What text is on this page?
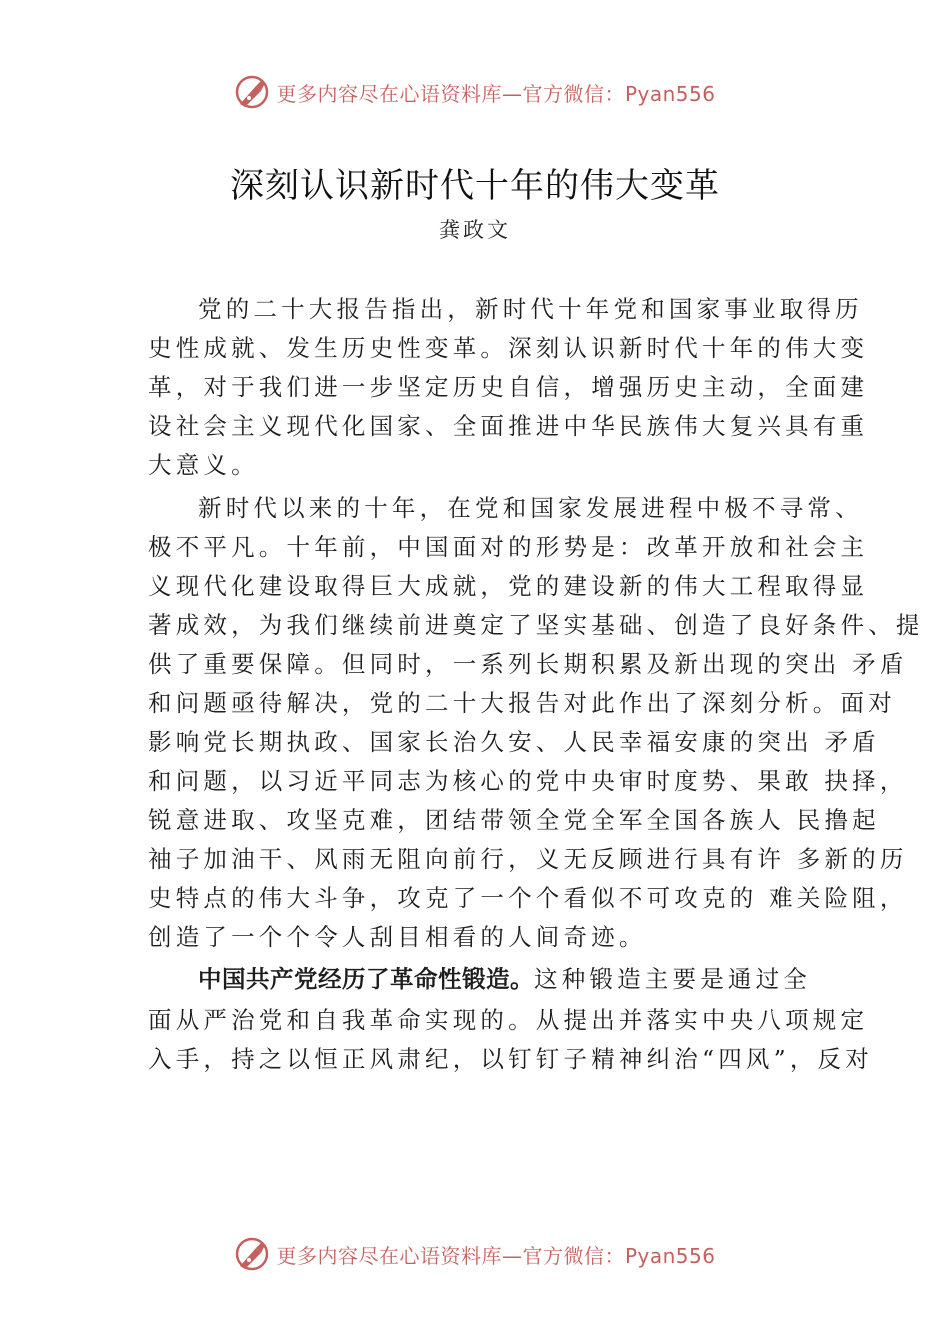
更多内容尽在心语资料库—官方微信：Pyan556
深刻认识新时代十年的伟大变革
龚政文
党的二十大报告指出，新时代十年党和国家事业取得历
史性成就、发生历史性变革。深刻认识新时代十年的伟大变
革，对于我们进一步坚定历史自信，增强历史主动，全面建
设社会主义现代化国家、全面推进中华民族伟大复兴具有重
大意义。
新时代以来的十年，在党和国家发展进程中极不寻常、
极不平凡。十年前，中国面对的形势是：改革开放和社会主
义现代化建设取得巨大成就，党的建设新的伟大工程取得显
著成效，为我们继续前进奠定了坚实基础、创造了良好条件、提
供了重要保障。但同时，一系列长期积累及新出现的突出 矛盾
和问题亟待解决，党的二十大报告对此作出了深刻分析。面对
影响党长期执政、国家长治久安、人民幸福安康的突出 矛盾
和问题，以习近平同志为核心的党中央审时度势、果敢 抉择，
锐意进取、攻坚克难，团结带领全党全军全国各族人 民撸起
袖子加油干、风雨无阻向前行，义无反顾进行具有许 多新的历
史特点的伟大斗争，攻克了一个个看似不可攻克的 难关险阻，
创造了一个个令人刮目相看的人间奇迹。
中国共产党经历了革命性锻造。这种锻造主要是通过全
面从严治党和自我革命实现的。从提出并落实中央八项规定
入手，持之以恒正风肃纪，以钉钉子精神纠治“四风”，反对
更多内容尽在心语资料库—官方微信：Pyan556
